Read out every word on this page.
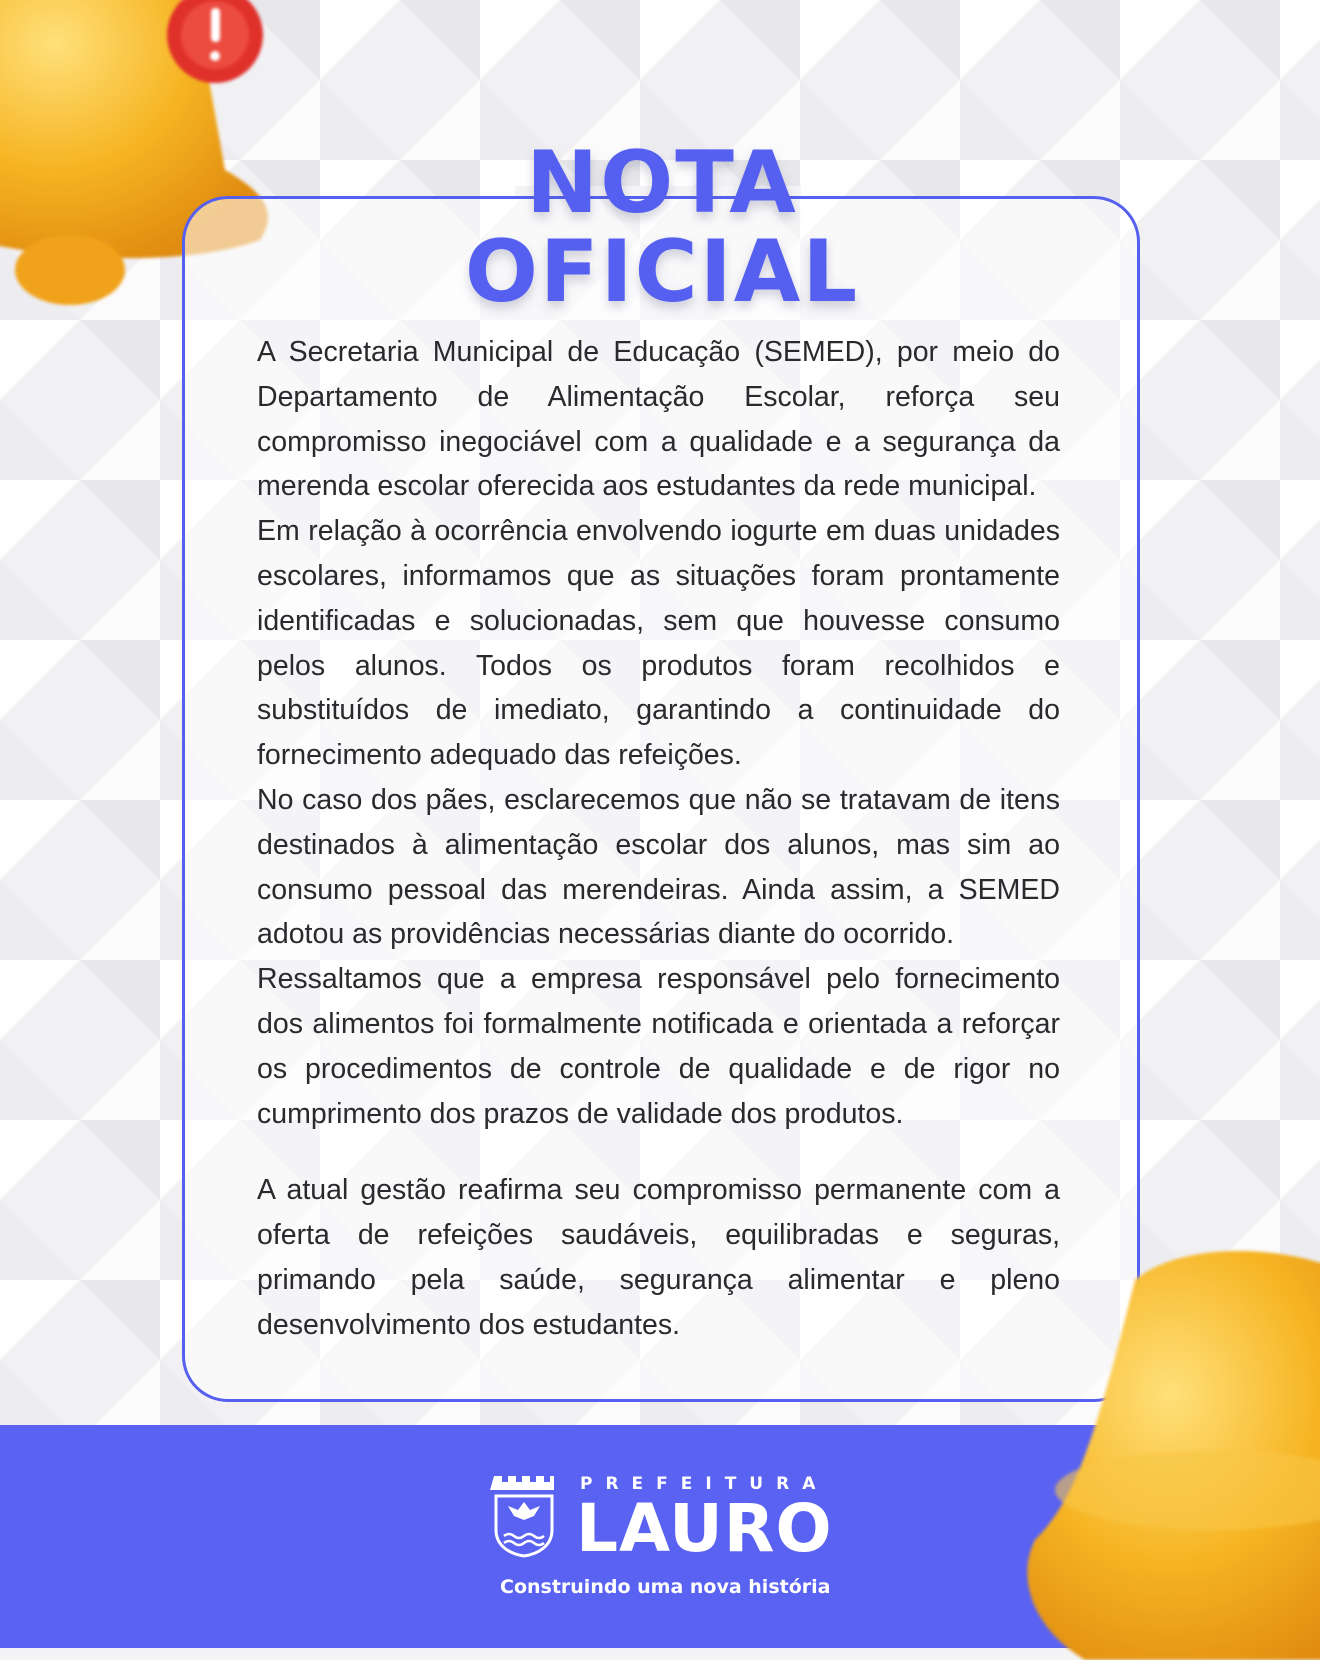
NOTA
OFICIAL

A Secretaria Municipal de Educação (SEMED), por meio do Departamento de Alimentação Escolar, reforça seu compromisso inegociável com a qualidade e a segurança da merenda escolar oferecida aos estudantes da rede municipal.

Em relação à ocorrência envolvendo iogurte em duas unidades escolares, informamos que as situações foram prontamente identificadas e solucionadas, sem que houvesse consumo pelos alunos. Todos os produtos foram recolhidos e substituídos de imediato, garantindo a continuidade do fornecimento adequado das refeições.

No caso dos pães, esclarecemos que não se tratavam de itens destinados à alimentação escolar dos alunos, mas sim ao consumo pessoal das merendeiras. Ainda assim, a SEMED adotou as providências necessárias diante do ocorrido.

Ressaltamos que a empresa responsável pelo fornecimento dos alimentos foi formalmente notificada e orientada a reforçar os procedimentos de controle de qualidade e de rigor no cumprimento dos prazos de validade dos produtos.

A atual gestão reafirma seu compromisso permanente com a oferta de refeições saudáveis, equilibradas e seguras, primando pela saúde, segurança alimentar e pleno desenvolvimento dos estudantes.

PREFEITURA
LAURO
Construindo uma nova história
